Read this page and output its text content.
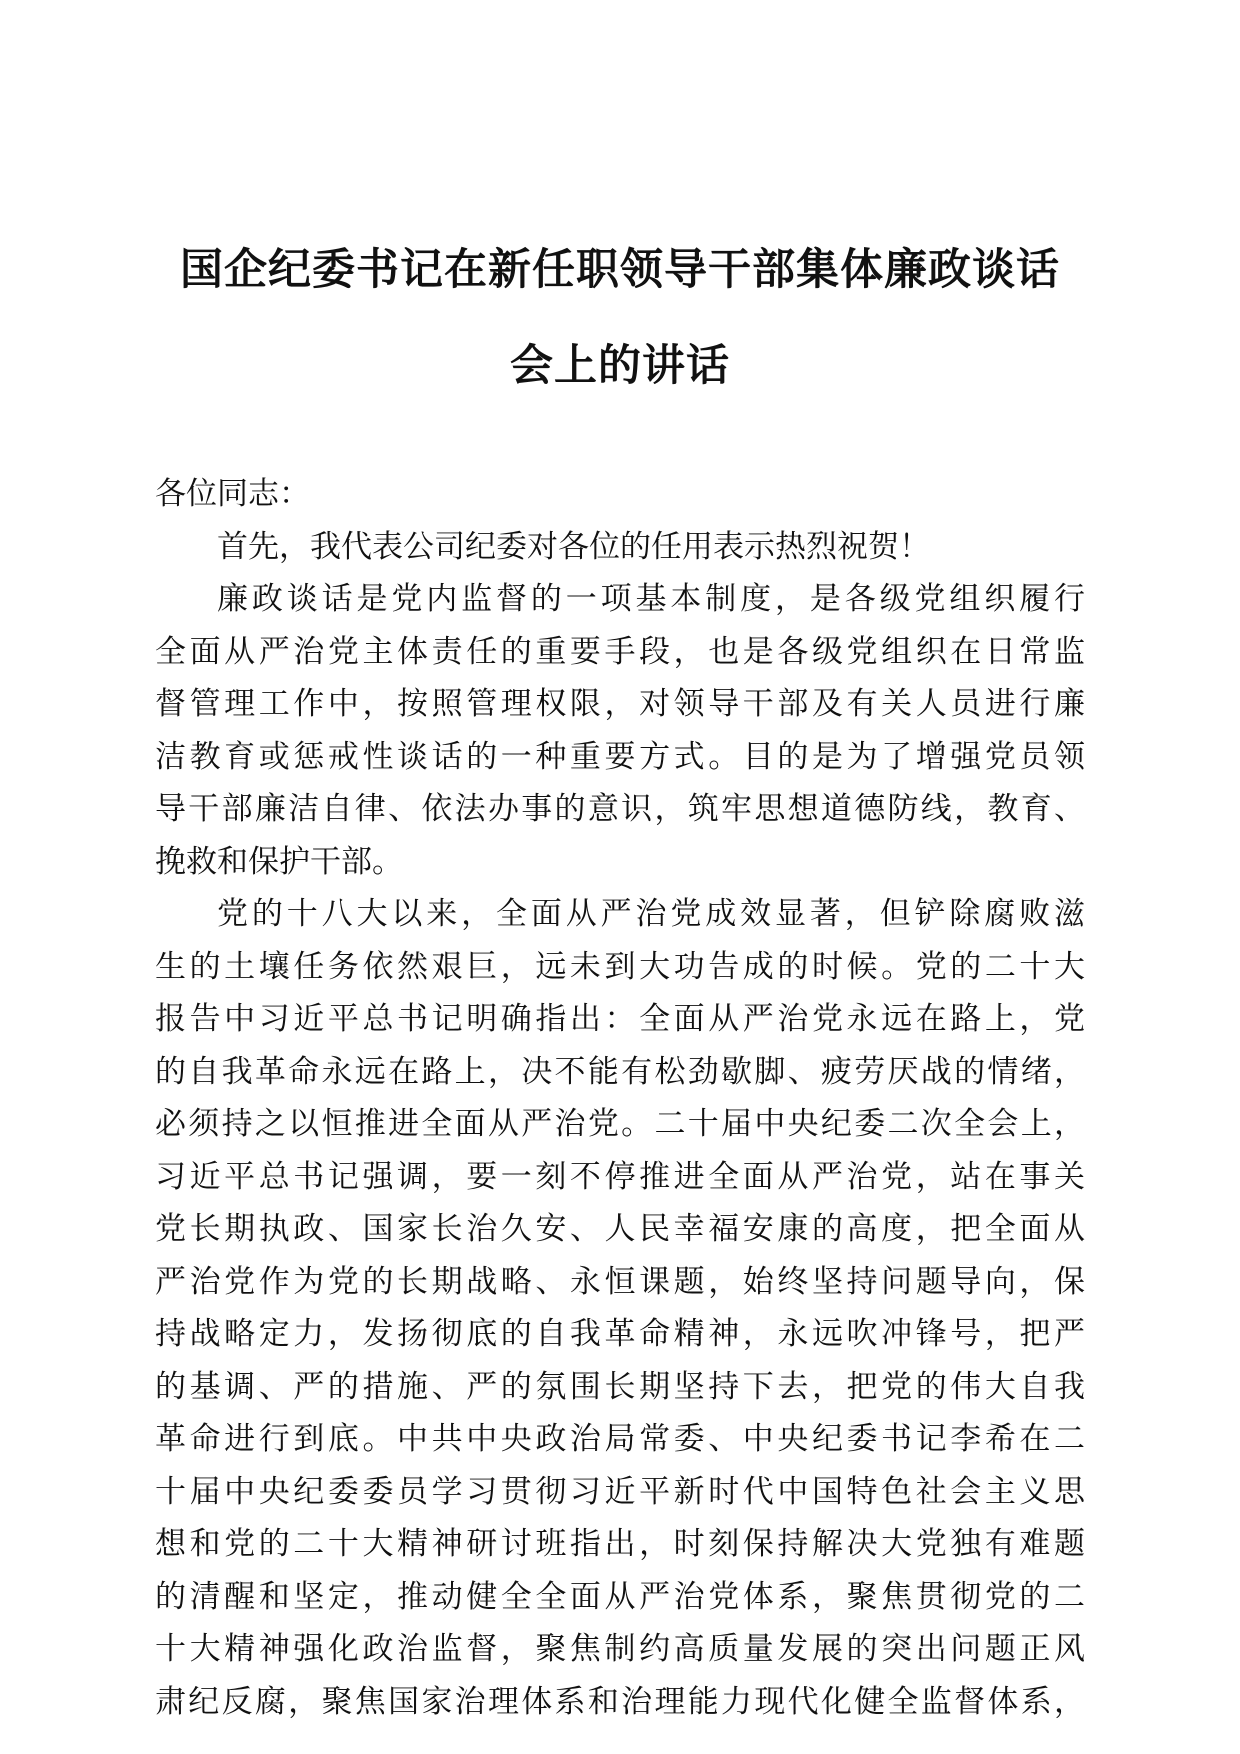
国企纪委书记在新任职领导干部集体廉政谈话
会上的讲话
各位同志：
首先，我代表公司纪委对各位的任用表示热烈祝贺！
廉政谈话是党内监督的一项基本制度，是各级党组织履行
全面从严治党主体责任的重要手段，也是各级党组织在日常监
督管理工作中，按照管理权限，对领导干部及有关人员进行廉
洁教育或惩戒性谈话的一种重要方式。目的是为了增强党员领
导干部廉洁自律、依法办事的意识，筑牢思想道德防线，教育、
挽救和保护干部。
党的十八大以来，全面从严治党成效显著，但铲除腐败滋
生的土壤任务依然艰巨，远未到大功告成的时候。党的二十大
报告中习近平总书记明确指出：全面从严治党永远在路上，党
的自我革命永远在路上，决不能有松劲歇脚、疲劳厌战的情绪，
必须持之以恒推进全面从严治党。二十届中央纪委二次全会上，
习近平总书记强调，要一刻不停推进全面从严治党，站在事关
党长期执政、国家长治久安、人民幸福安康的高度，把全面从
严治党作为党的长期战略、永恒课题，始终坚持问题导向，保
持战略定力，发扬彻底的自我革命精神，永远吹冲锋号，把严
的基调、严的措施、严的氛围长期坚持下去，把党的伟大自我
革命进行到底。中共中央政治局常委、中央纪委书记李希在二
十届中央纪委委员学习贯彻习近平新时代中国特色社会主义思
想和党的二十大精神研讨班指出，时刻保持解决大党独有难题
的清醒和坚定，推动健全全面从严治党体系，聚焦贯彻党的二
十大精神强化政治监督，聚焦制约高质量发展的突出问题正风
肃纪反腐，聚焦国家治理体系和治理能力现代化健全监督体系，
